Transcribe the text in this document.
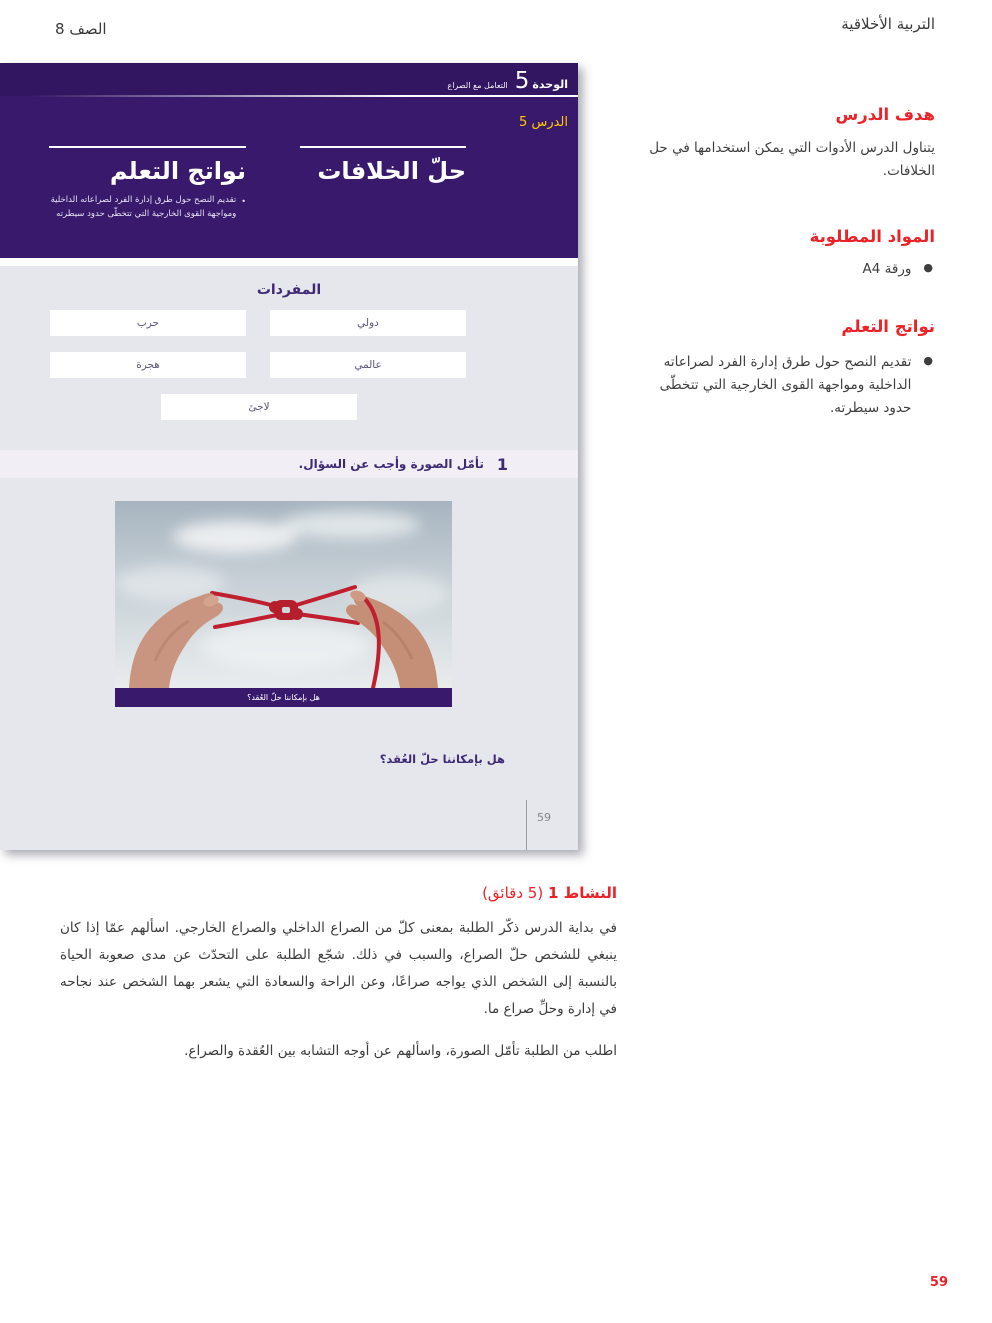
التربية الأخلاقية
الصف 8
الوحدة
5
التعامل مع الصراع
الدرس 5
حلّ الخلافات
نواتج التعلم
•
تقديم النصح حول طرق إدارة الفرد لصراعاته الداخلية ومواجهة القوى الخارجية التي تتخطّى حدود سيطرته
المفردات
دولي
حرب
عالمي
هجرة
لاجئ
1
تأمّل الصورة وأجب عن السؤال.
هل بإمكاننا حلّ العُقد؟
هل بإمكاننا حلّ العُقد؟
59
هدف الدرس
يتناول الدرس الأدوات التي يمكن استخدامها في حل الخلافات.
المواد المطلوبة
●
ورقة A4
نواتج التعلم
●
تقديم النصح حول طرق إدارة الفرد لصراعاته الداخلية ومواجهة القوى الخارجية التي تتخطّى حدود سيطرته.
النشاط 1 (5 دقائق)

في بداية الدرس ذكّر الطلبة بمعنى كلّ من الصراع الداخلي والصراع الخارجي. اسألهم عمّا إذا كان ينبغي للشخص حلّ الصراع، والسبب في ذلك. شجّع الطلبة على التحدّث عن مدى صعوبة الحياة بالنسبة إلى الشخص الذي يواجه صراعًا، وعن الراحة والسعادة التي يشعر بهما الشخص عند نجاحه في إدارة وحلِّ صراع ما.

اطلب من الطلبة تأمّل الصورة، واسألهم عن أوجه التشابه بين العُقدة والصراع.

59
